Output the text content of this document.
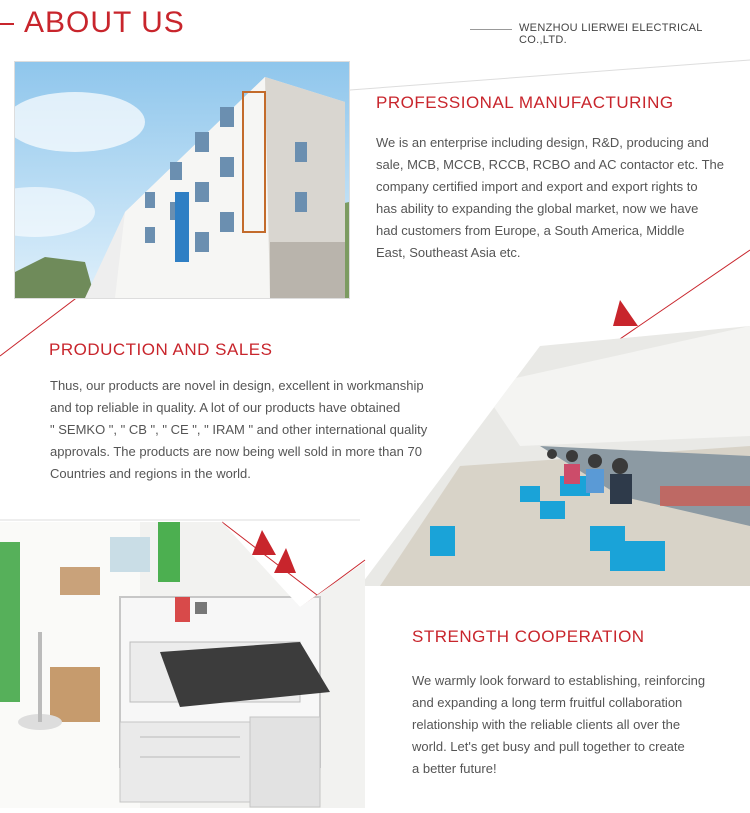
ABOUT US	WENZHOU LIERWEI ELECTRICAL CO.,LTD.
PROFESSIONAL MANUFACTURING
We is an enterprise including design, R&D, producing and
sale, MCB, MCCB, RCCB, RCBO and AC contactor etc. The
company certified import and export and export rights to
has ability to expanding the global market, now we have
had customers from Europe, a South America, Middle
East, Southeast Asia etc.
PRODUCTION AND SALES
Thus, our products are novel in design, excellent in workmanship
and top reliable in quality. A lot of our products have obtained
" SEMKO ", " CB ", " CE ", " IRAM " and other international quality
approvals. The products are now being well sold in more than 70
Countries and regions in the world.
STRENGTH COOPERATION
We warmly look forward to establishing, reinforcing
and expanding a long term fruitful collaboration
relationship with the reliable clients all over the
world. Let's get busy and pull together to create
a better future!
